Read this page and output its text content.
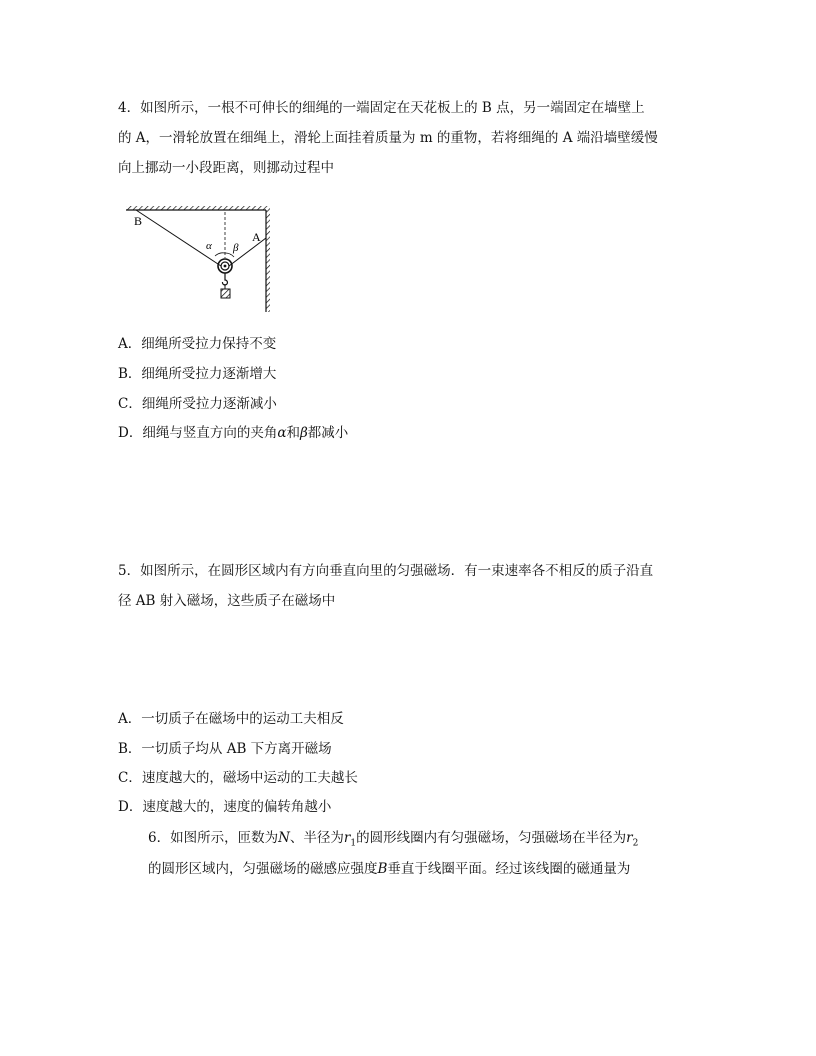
4．如图所示，一根不可伸长的细绳的一端固定在天花板上的 B 点，另一端固定在墙壁上
的 A，一滑轮放置在细绳上，滑轮上面挂着质量为 m 的重物，若将细绳的 A 端沿墙壁缓慢
向上挪动一小段距离，则挪动过程中
B
A
α β
A．细绳所受拉力保持不变
B．细绳所受拉力逐渐增大
C．细绳所受拉力逐渐减小
D．细绳与竖直方向的夹角α和β都减小
5．如图所示，在圆形区域内有方向垂直向里的匀强磁场．有一束速率各不相反的质子沿直
径 AB 射入磁场，这些质子在磁场中
A．一切质子在磁场中的运动工夫相反
B．一切质子均从 AB 下方离开磁场
C．速度越大的，磁场中运动的工夫越长
D．速度越大的，速度的偏转角越小
6．如图所示，匝数为N、半径为$r_1$的圆形线圈内有匀强磁场，匀强磁场在半径为$r_2$
的圆形区域内，匀强磁场的磁感应强度B垂直于线圈平面。经过该线圈的磁通量为
